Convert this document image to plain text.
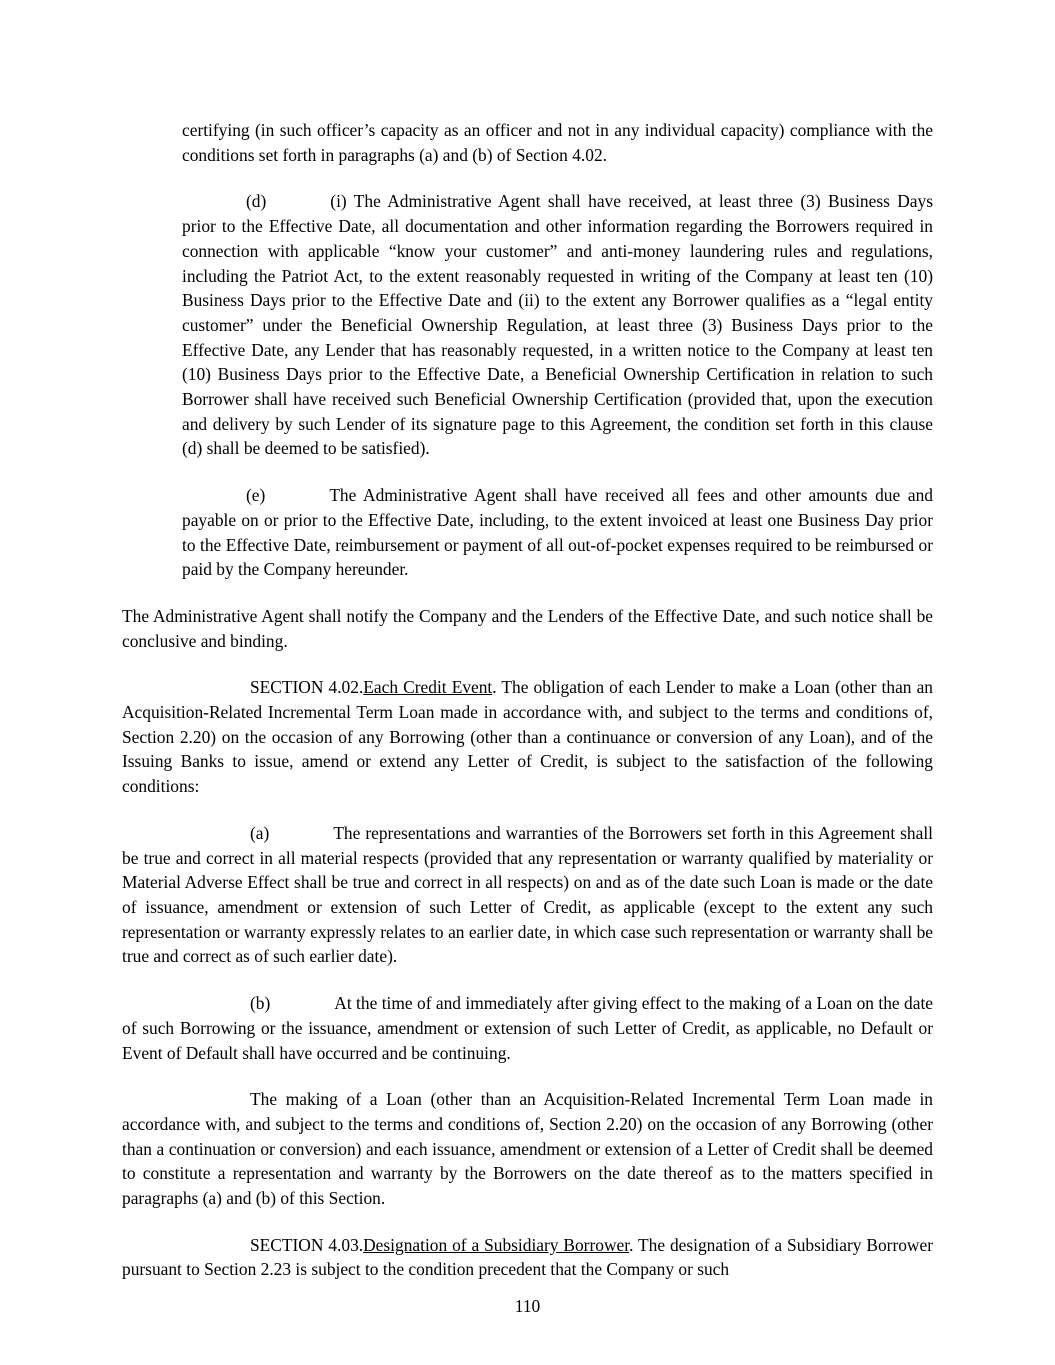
certifying (in such officer’s capacity as an officer and not in any individual capacity) compliance with the conditions set forth in paragraphs (a) and (b) of Section 4.02.

(d)	(i) The Administrative Agent shall have received, at least three (3) Business Days prior to the Effective Date, all documentation and other information regarding the Borrowers required in connection with applicable “know your customer” and anti-money laundering rules and regulations, including the Patriot Act, to the extent reasonably requested in writing of the Company at least ten (10) Business Days prior to the Effective Date and (ii) to the extent any Borrower qualifies as a “legal entity customer” under the Beneficial Ownership Regulation, at least three (3) Business Days prior to the Effective Date, any Lender that has reasonably requested, in a written notice to the Company at least ten (10) Business Days prior to the Effective Date, a Beneficial Ownership Certification in relation to such Borrower shall have received such Beneficial Ownership Certification (provided that, upon the execution and delivery by such Lender of its signature page to this Agreement, the condition set forth in this clause (d) shall be deemed to be satisfied).

(e)	The Administrative Agent shall have received all fees and other amounts due and payable on or prior to the Effective Date, including, to the extent invoiced at least one Business Day prior to the Effective Date, reimbursement or payment of all out-of-pocket expenses required to be reimbursed or paid by the Company hereunder.

The Administrative Agent shall notify the Company and the Lenders of the Effective Date, and such notice shall be conclusive and binding.

SECTION 4.02.Each Credit Event. The obligation of each Lender to make a Loan (other than an Acquisition-Related Incremental Term Loan made in accordance with, and subject to the terms and conditions of, Section 2.20) on the occasion of any Borrowing (other than a continuance or conversion of any Loan), and of the Issuing Banks to issue, amend or extend any Letter of Credit, is subject to the satisfaction of the following conditions:

(a)	The representations and warranties of the Borrowers set forth in this Agreement shall be true and correct in all material respects (provided that any representation or warranty qualified by materiality or Material Adverse Effect shall be true and correct in all respects) on and as of the date such Loan is made or the date of issuance, amendment or extension of such Letter of Credit, as applicable (except to the extent any such representation or warranty expressly relates to an earlier date, in which case such representation or warranty shall be true and correct as of such earlier date).

(b)	At the time of and immediately after giving effect to the making of a Loan on the date of such Borrowing or the issuance, amendment or extension of such Letter of Credit, as applicable, no Default or Event of Default shall have occurred and be continuing.

The making of a Loan (other than an Acquisition-Related Incremental Term Loan made in accordance with, and subject to the terms and conditions of, Section 2.20) on the occasion of any Borrowing (other than a continuation or conversion) and each issuance, amendment or extension of a Letter of Credit shall be deemed to constitute a representation and warranty by the Borrowers on the date thereof as to the matters specified in paragraphs (a) and (b) of this Section.

SECTION 4.03.Designation of a Subsidiary Borrower. The designation of a Subsidiary Borrower pursuant to Section 2.23 is subject to the condition precedent that the Company or such

110
